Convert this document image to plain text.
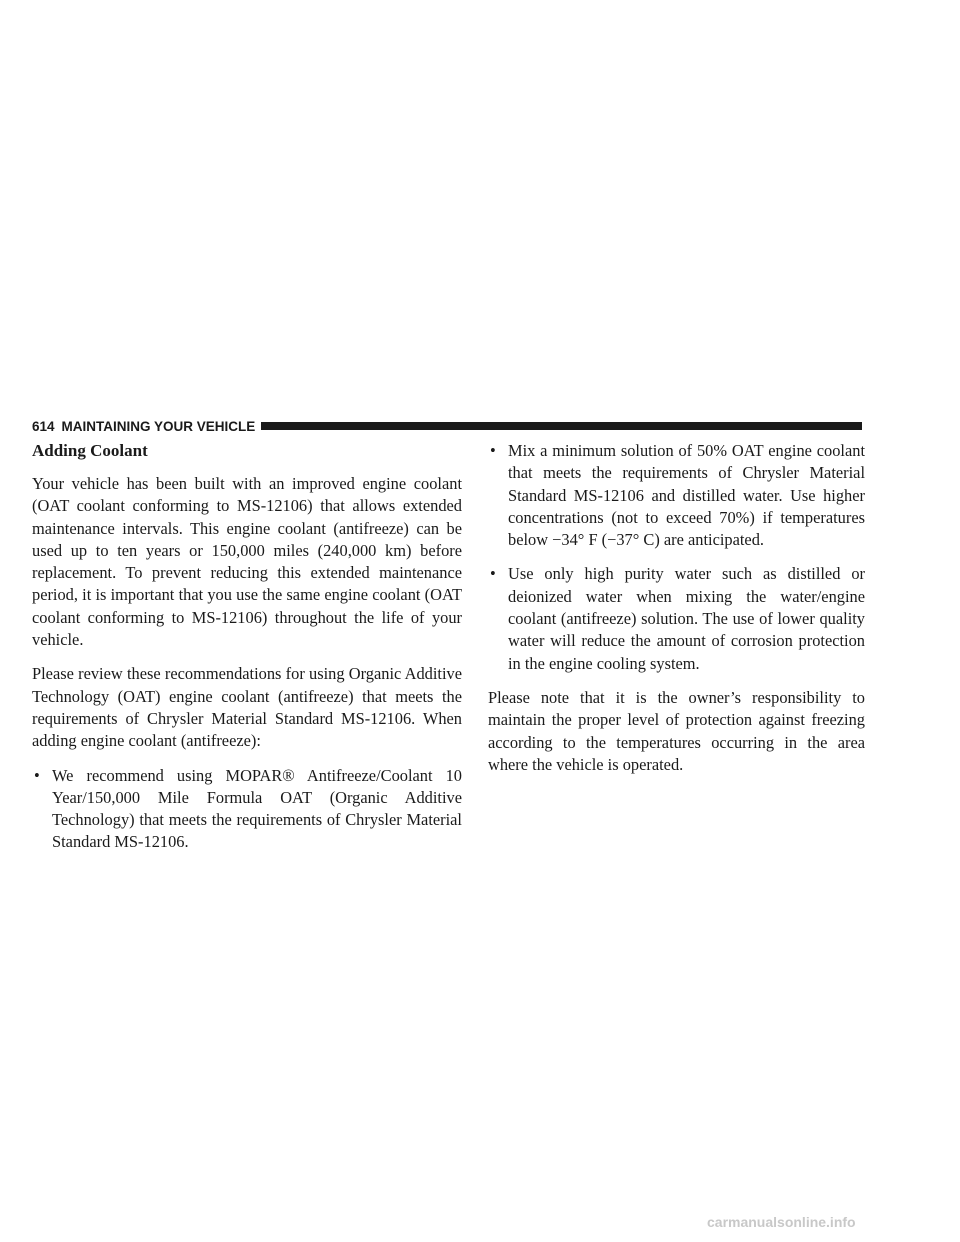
614 MAINTAINING YOUR VEHICLE
Adding Coolant

Your vehicle has been built with an improved engine coolant (OAT coolant conforming to MS-12106) that allows extended maintenance intervals. This engine coolant (antifreeze) can be used up to ten years or 150,000 miles (240,000 km) before replacement. To prevent reducing this extended maintenance period, it is important that you use the same engine coolant (OAT coolant conforming to MS-12106) throughout the life of your vehicle.

Please review these recommendations for using Organic Additive Technology (OAT) engine coolant (antifreeze) that meets the requirements of Chrysler Material Standard MS-12106. When adding engine coolant (antifreeze):

• We recommend using MOPAR® Antifreeze/Coolant 10 Year/150,000 Mile Formula OAT (Organic Additive Technology) that meets the requirements of Chrysler Material Standard MS-12106.
• Mix a minimum solution of 50% OAT engine coolant that meets the requirements of Chrysler Material Standard MS-12106 and distilled water. Use higher concentrations (not to exceed 70%) if temperatures below −34° F (−37° C) are anticipated.
• Use only high purity water such as distilled or deionized water when mixing the water/engine coolant (antifreeze) solution. The use of lower quality water will reduce the amount of corrosion protection in the engine cooling system.

Please note that it is the owner’s responsibility to maintain the proper level of protection against freezing according to the temperatures occurring in the area where the vehicle is operated.

carmanualsonline.info
